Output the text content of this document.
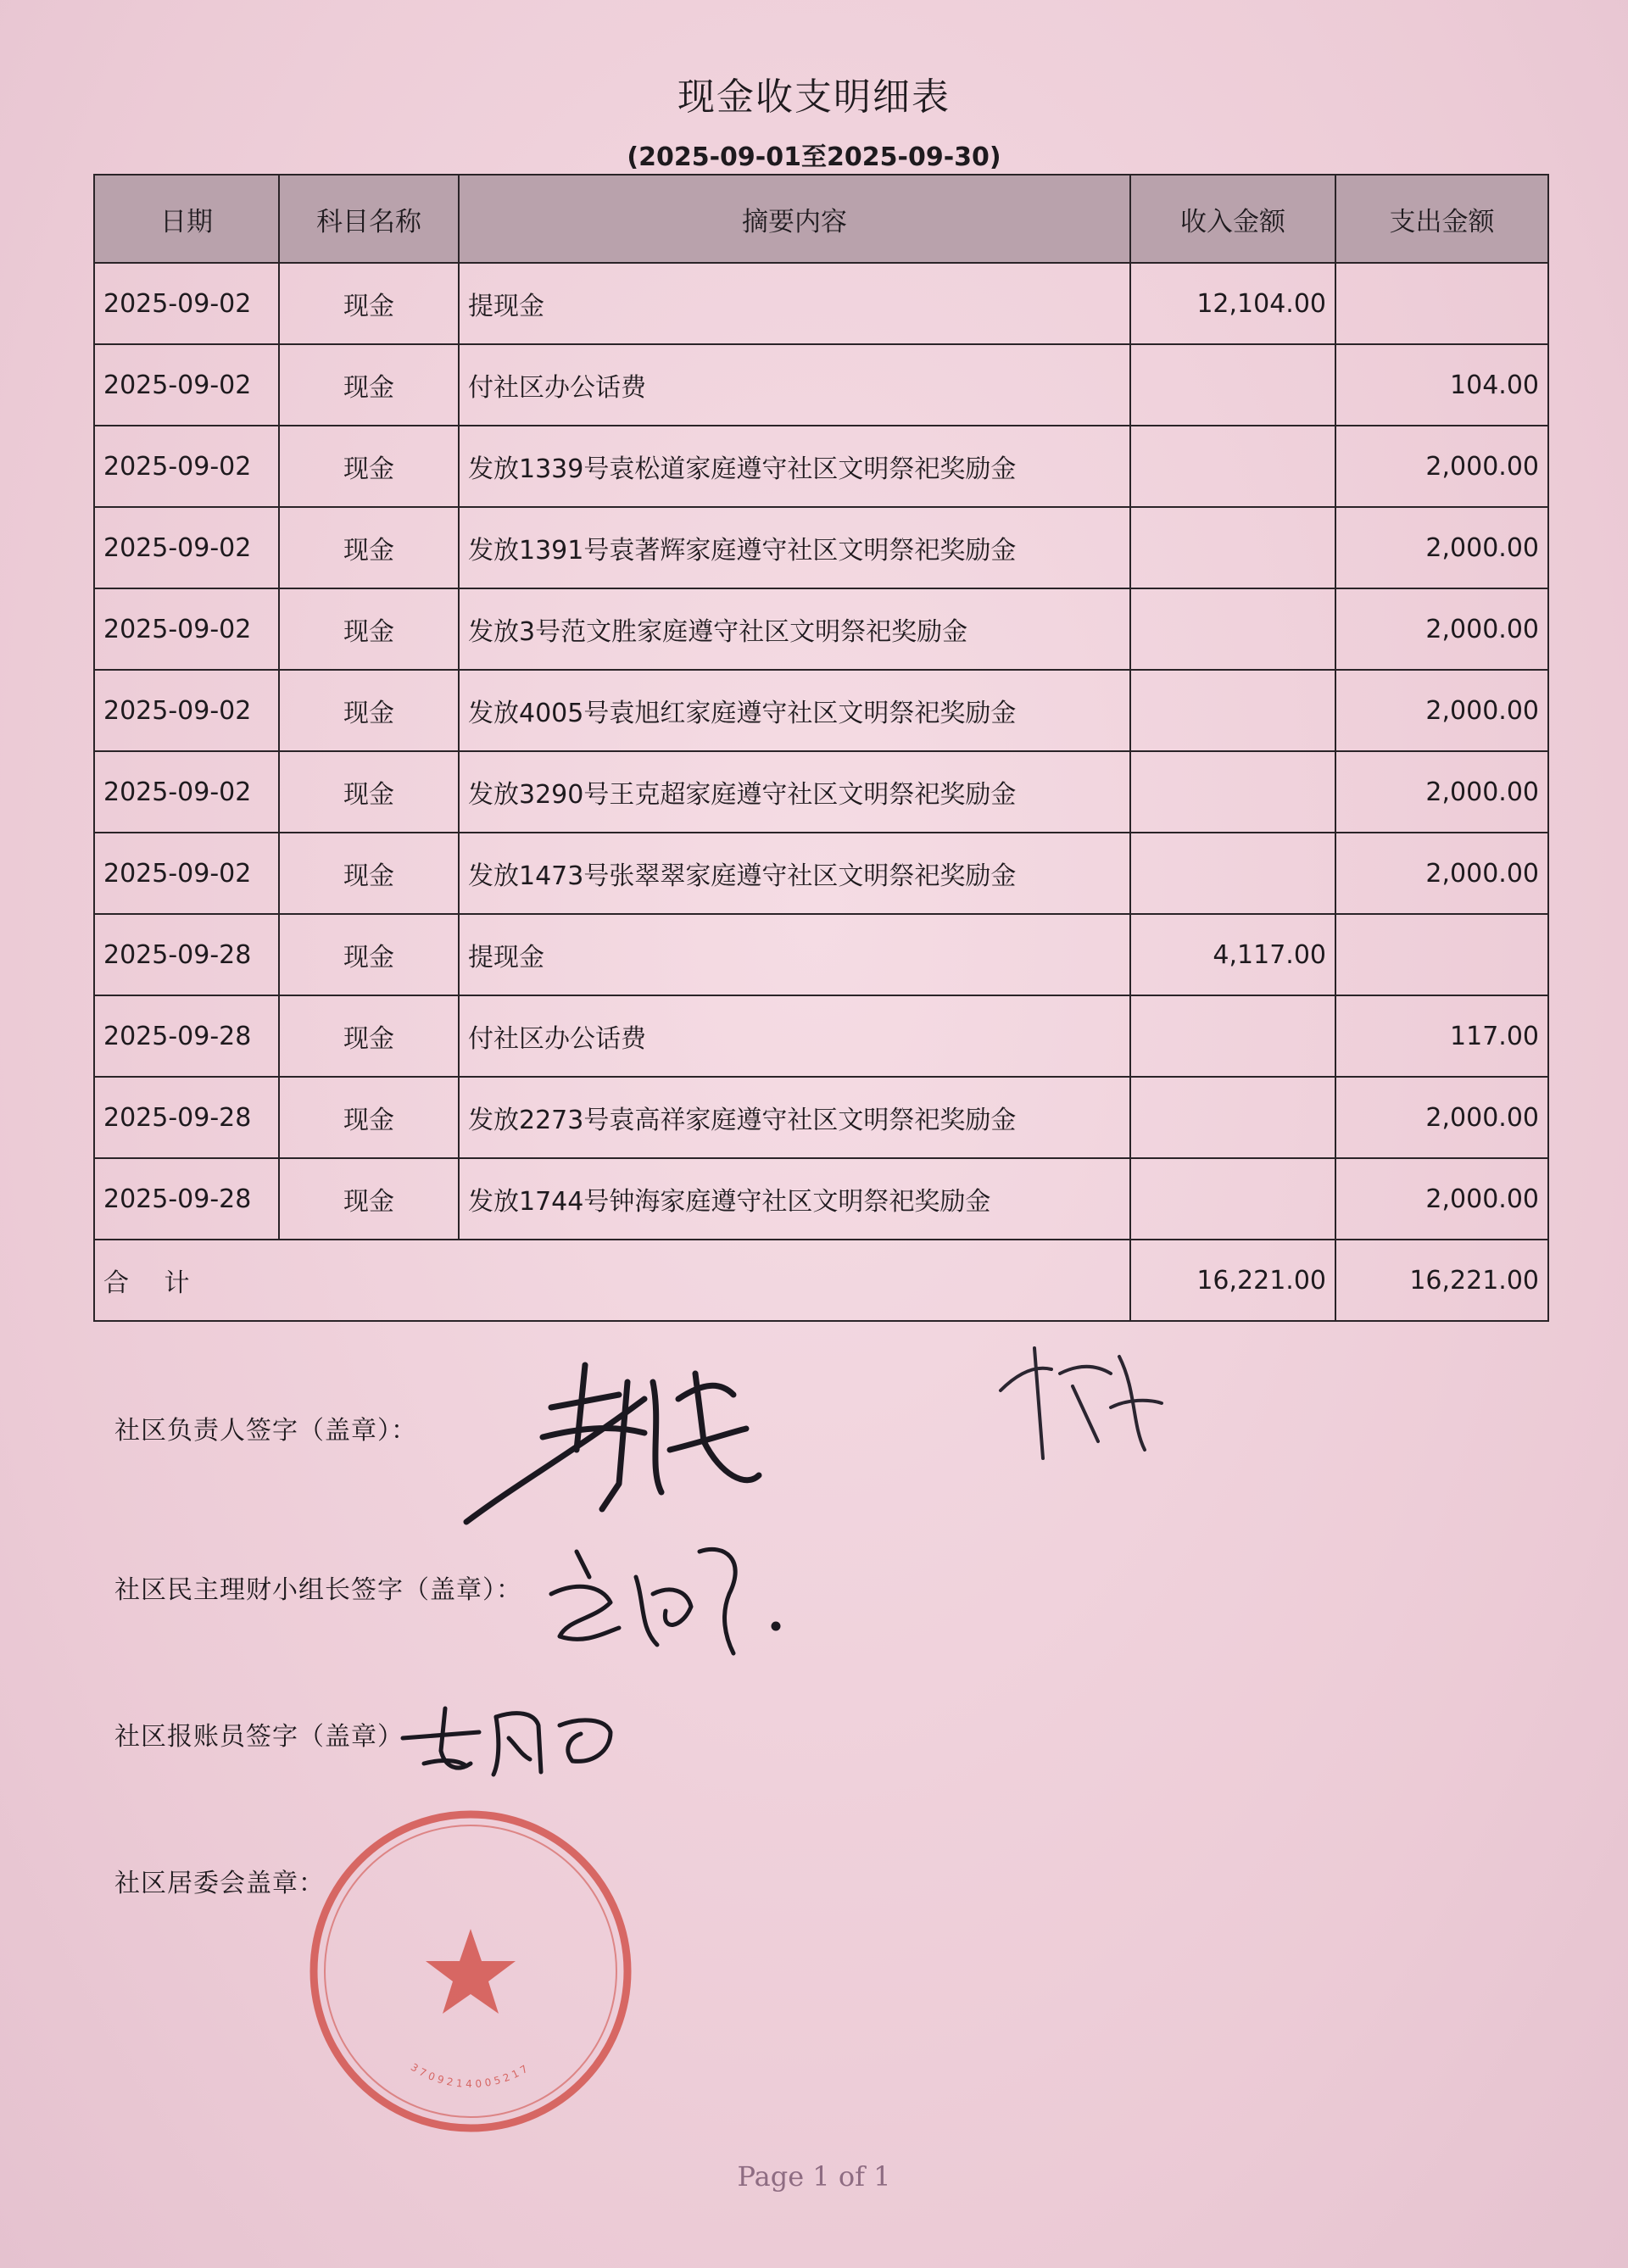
现金收支明细表
(2025-09-01至2025-09-30)
日期	科目名称	摘要内容	收入金额	支出金额
2025-09-02	现金	提现金	12,104.00	
2025-09-02	现金	付社区办公话费		104.00
2025-09-02	现金	发放1339号袁松道家庭遵守社区文明祭祀奖励金		2,000.00
2025-09-02	现金	发放1391号袁著辉家庭遵守社区文明祭祀奖励金		2,000.00
2025-09-02	现金	发放3号范文胜家庭遵守社区文明祭祀奖励金		2,000.00
2025-09-02	现金	发放4005号袁旭红家庭遵守社区文明祭祀奖励金		2,000.00
2025-09-02	现金	发放3290号王克超家庭遵守社区文明祭祀奖励金		2,000.00
2025-09-02	现金	发放1473号张翠翠家庭遵守社区文明祭祀奖励金		2,000.00
2025-09-28	现金	提现金	4,117.00	
2025-09-28	现金	付社区办公话费		117.00
2025-09-28	现金	发放2273号袁高祥家庭遵守社区文明祭祀奖励金		2,000.00
2025-09-28	现金	发放1744号钟海家庭遵守社区文明祭祀奖励金		2,000.00
合 计			16,221.00	16,221.00
社区负责人签字（盖章）：
社区民主理财小组长签字（盖章）：
社区报账员签字（盖章）
社区居委会盖章：
3709214005217
Page 1 of 1
